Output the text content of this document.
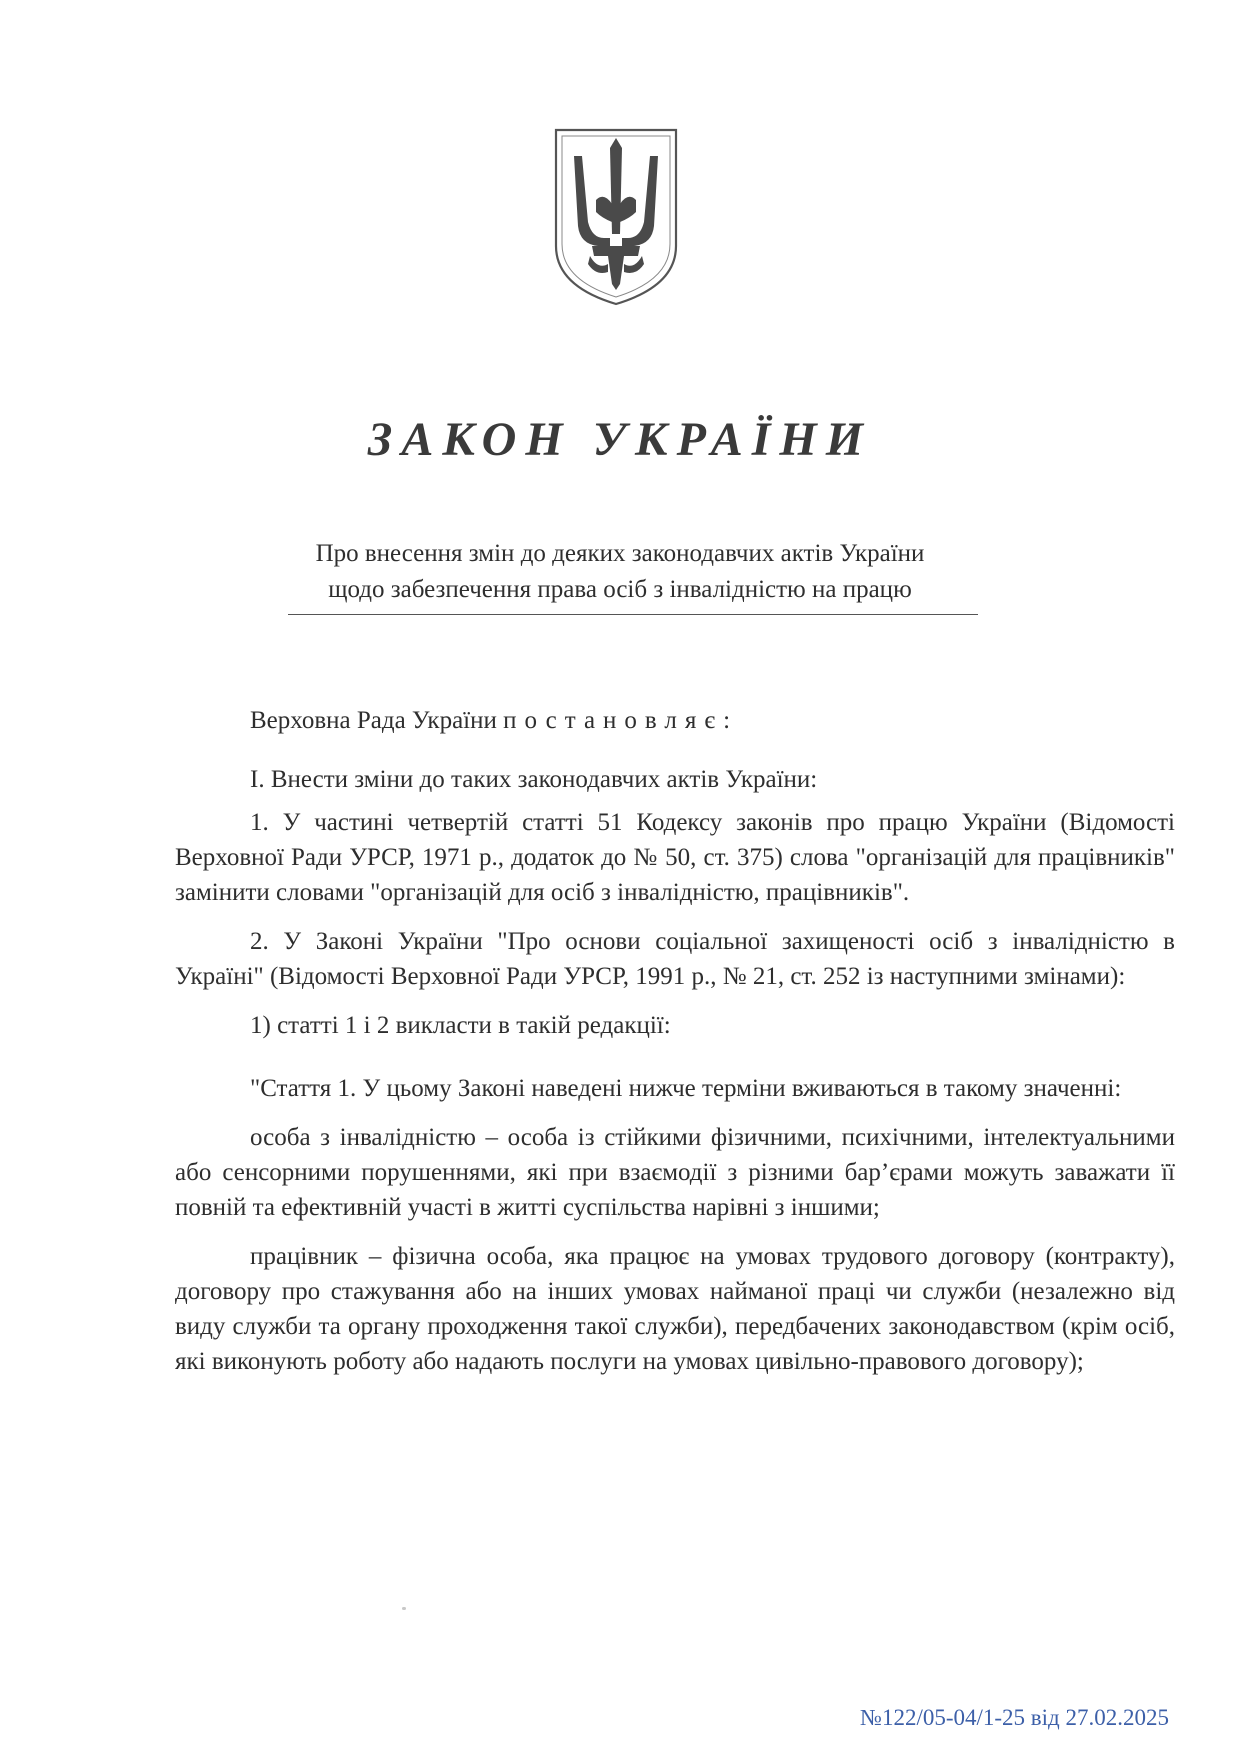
ЗАКОН УКРАЇНИ
Про внесення змін до деяких законодавчих актів України
щодо забезпечення права осіб з інвалідністю на працю

Верховна Рада України постановляє:

І. Внести зміни до таких законодавчих актів України:

1. У частині четвертій статті 51 Кодексу законів про працю України (Відомості Верховної Ради УРСР, 1971 р., додаток до № 50, ст. 375) слова "організацій для працівників" замінити словами "організацій для осіб з інвалідністю, працівників".

2. У Законі України "Про основи соціальної захищеності осіб з інвалідністю в Україні" (Відомості Верховної Ради УРСР, 1991 р., № 21, ст. 252 із наступними змінами):

1) статті 1 і 2 викласти в такій редакції:

"Стаття 1. У цьому Законі наведені нижче терміни вживаються в такому значенні:

особа з інвалідністю – особа із стійкими фізичними, психічними, інтелектуальними або сенсорними порушеннями, які при взаємодії з різними бар’єрами можуть заважати її повній та ефективній участі в житті суспільства нарівні з іншими;

працівник – фізична особа, яка працює на умовах трудового договору (контракту), договору про стажування або на інших умовах найманої праці чи служби (незалежно від виду служби та органу проходження такої служби), передбачених законодавством (крім осіб, які виконують роботу або надають послуги на умовах цивільно-правового договору);

№122/05-04/1-25 від 27.02.2025
